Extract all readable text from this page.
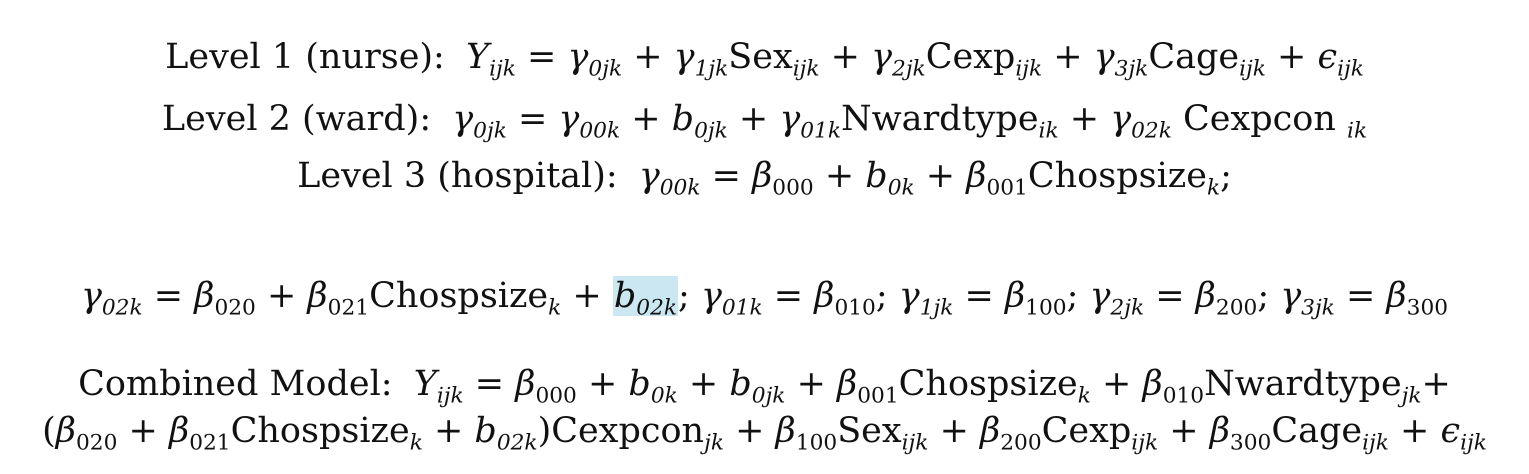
Level 1 (nurse): $Y_{ijk} = \gamma_{0jk} + \gamma_{1jk}Sex_{ijk} + \gamma_{2jk}Cexp_{ijk}$ + $\gamma_{3jk}Cage_{ijk} + \epsilon_{ijk}$
Level 2 (ward): $\gamma_{0jk} = \gamma_{00k} + b_{0jk}$ + $\gamma_{01k}Nwardtype_{ik} + \gamma_{02k}$ Cexpcon $_{ik}$
Level 3 (hospital): $\gamma_{00k} = \beta_{000} + b_{0k}$ + $\beta_{001}Chospsize_k$;
$\gamma_{02k} = \beta_{020}$ + $\beta_{021}Chospsize_k + b_{02k}$; $\gamma_{01k} = \beta_{010}$; $\gamma_{1jk} = \beta_{100}$; $\gamma_{2jk} = \beta_{200}$; $\gamma_{3jk} = \beta_{300}$
Combined Model: $Y_{ijk} = \beta_{000} + b_{0k} + b_{0jk}$ + $\beta_{001}Chospsize_k$ + $\beta_{010}Nwardtype_{jk}+$
($\beta_{020}$ + $\beta_{021}Chospsize_k$ + $b_{02k})Cexpcon_{jk} + \beta_{100}Sex_{ijk} + \beta_{200}Cexp_{ijk}$ + $\beta_{300}Cage_{ijk} + \epsilon_{ijk}$
